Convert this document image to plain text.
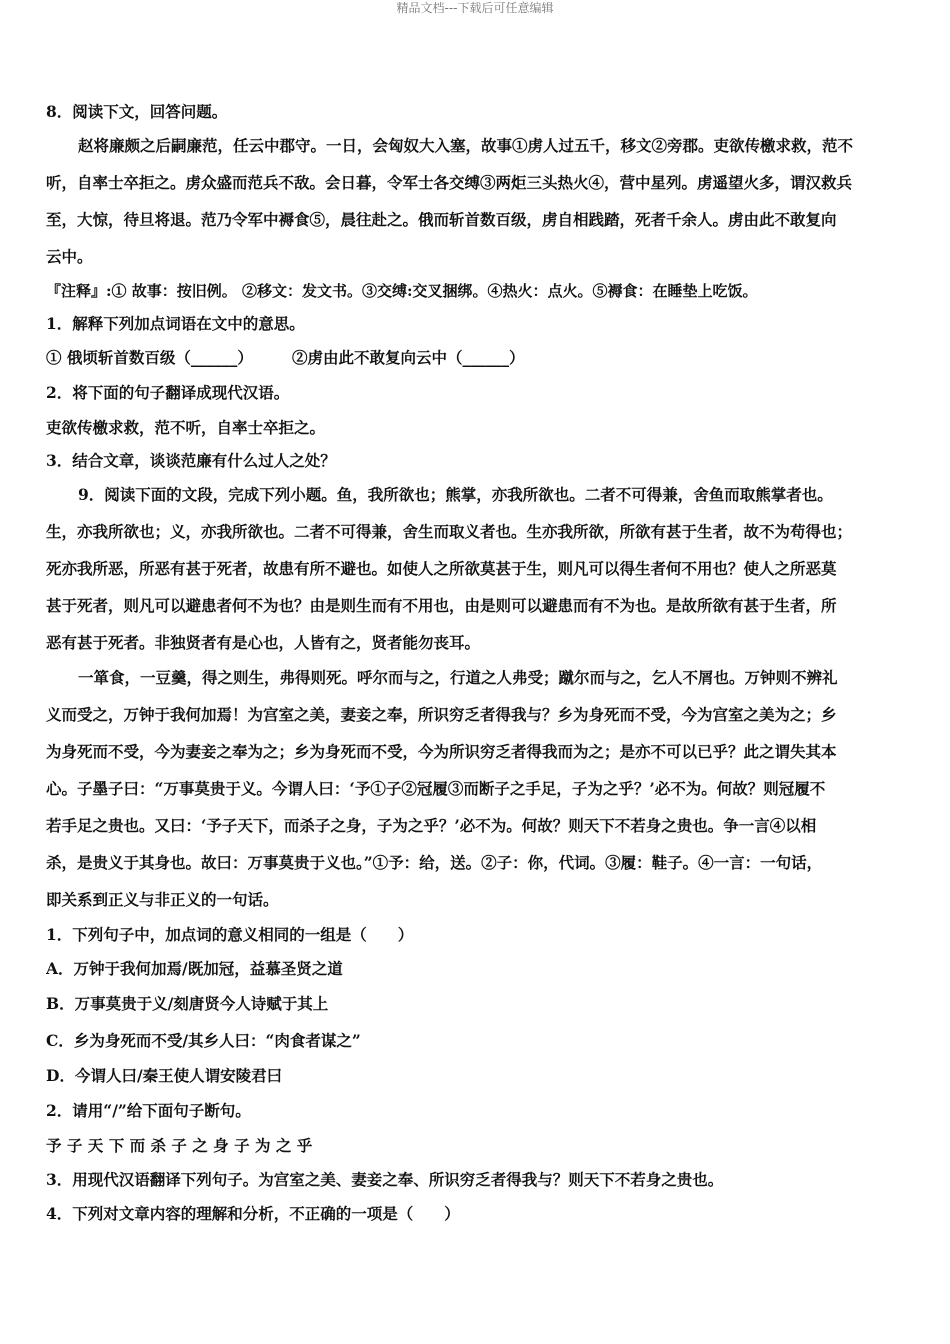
精品文档---下载后可任意编辑
8．阅读下文，回答问题。
赵将廉颇之后嗣廉范，任云中郡守。一日，会匈奴大入塞，故事①虏人过五千，移文②旁郡。吏欲传檄求救，范不
听，自率士卒拒之。虏众盛而范兵不敌。会日暮，令军士各交缚③两炬三头热火④，营中星列。虏遥望火多，谓汉救兵
至，大惊，待旦将退。范乃令军中褥食⑤，晨往赴之。俄而斩首数百级，虏自相践踏，死者千余人。虏由此不敢复向
云中。
『注释』:① 故事：按旧例。 ②移文：发文书。③交缚:交叉捆绑。④热火：点火。⑤褥食：在睡垫上吃饭。
1．解释下列加点词语在文中的意思。
① 俄顷斩首数百级（______）	②虏由此不敢复向云中（______）
2．将下面的句子翻译成现代汉语。
吏欲传檄求救，范不听，自率士卒拒之。
3．结合文章，谈谈范廉有什么过人之处？
9．阅读下面的文段，完成下列小题。鱼，我所欲也；熊掌，亦我所欲也。二者不可得兼，舍鱼而取熊掌者也。
生，亦我所欲也；义，亦我所欲也。二者不可得兼，舍生而取义者也。生亦我所欲，所欲有甚于生者，故不为苟得也；
死亦我所恶，所恶有甚于死者，故患有所不避也。如使人之所欲莫甚于生，则凡可以得生者何不用也？使人之所恶莫
甚于死者，则凡可以避患者何不为也？由是则生而有不用也，由是则可以避患而有不为也。是故所欲有甚于生者，所
恶有甚于死者。非独贤者有是心也，人皆有之，贤者能勿丧耳。
一箪食，一豆羹，得之则生，弗得则死。呼尔而与之，行道之人弗受；蹴尔而与之，乞人不屑也。万钟则不辨礼
义而受之，万钟于我何加焉！为宫室之美，妻妾之奉，所识穷乏者得我与？乡为身死而不受，今为宫室之美为之；乡
为身死而不受，今为妻妾之奉为之；乡为身死而不受，今为所识穷乏者得我而为之；是亦不可以已乎？此之谓失其本
心。子墨子曰：“万事莫贵于义。今谓人曰：‘予①子②冠履③而断子之手足，子为之乎？’必不为。何故？则冠履不
若手足之贵也。又曰：‘予子天下，而杀子之身，子为之乎？’必不为。何故？则天下不若身之贵也。争一言④以相
杀，是贵义于其身也。故曰：万事莫贵于义也。”①予：给，送。②子：你，代词。③履：鞋子。④一言：一句话，
即关系到正义与非正义的一句话。
1．下列句子中，加点词的意义相同的一组是（　　）
A．万钟于我何加焉/既加冠，益慕圣贤之道
B．万事莫贵于义/刻唐贤今人诗赋于其上
C．乡为身死而不受/其乡人曰：“肉食者谋之”
D．今谓人曰/秦王使人谓安陵君曰
2．请用“/”给下面句子断句。
予 子 天 下 而 杀 子 之 身 子 为 之 乎
3．用现代汉语翻译下列句子。为宫室之美、妻妾之奉、所识穷乏者得我与？则天下不若身之贵也。
4．下列对文章内容的理解和分析，不正确的一项是（　　）
